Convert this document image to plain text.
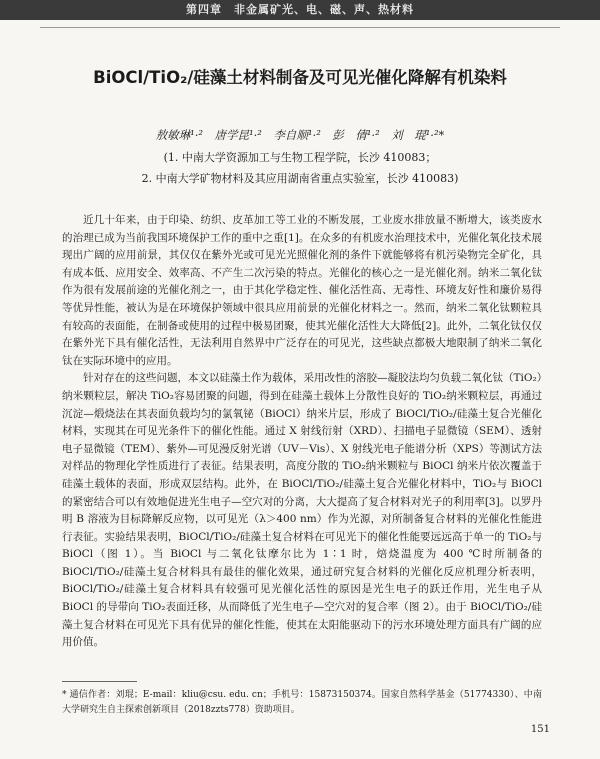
第四章　非金属矿光、电、磁、声、热材料
BiOCl/TiO₂/硅藻土材料制备及可见光催化降解有机染料
敖敏琳¹·²　唐学昆¹·²　李自顺¹·²　彭　倩¹·²　刘　琨¹·²*
(1. 中南大学资源加工与生物工程学院，长沙 410083；
2. 中南大学矿物材料及其应用湖南省重点实验室，长沙 410083)

近几十年来，由于印染、纺织、皮革加工等工业的不断发展，工业废水排放量不断增大，该类废水的治理已成为当前我国环境保护工作的重中之重[1]。在众多的有机废水治理技术中，光催化氧化技术展现出广阔的应用前景，其仅仅在紫外光或可见光光照催化剂的条件下就能够将有机污染物完全矿化，具有成本低、应用安全、效率高、不产生二次污染的特点。光催化的核心之一是光催化剂。纳米二氧化钛作为很有发展前途的光催化剂之一，由于其化学稳定性、催化活性高、无毒性、环境友好性和廉价易得等优异性能，被认为是在环境保护领域中很具应用前景的光催化材料之一。然而，纳米二氧化钛颗粒具有较高的表面能，在制备或使用的过程中极易团聚，使其光催化活性大大降低[2]。此外，二氧化钛仅仅在紫外光下具有催化活性，无法利用自然界中广泛存在的可见光，这些缺点都极大地限制了纳米二氧化钛在实际环境中的应用。

针对存在的这些问题，本文以硅藻土作为载体，采用改性的溶胶—凝胶法均匀负载二氧化钛（TiO₂）纳米颗粒层，解决 TiO₂容易团聚的问题，得到在硅藻土载体上分散性良好的 TiO₂纳米颗粒层，再通过沉淀—煅烧法在其表面负载均匀的氯氧铋（BiOCl）纳米片层，形成了 BiOCl/TiO₂/硅藻土复合光催化材料，实现其在可见光条件下的催化性能。通过 X 射线衍射（XRD）、扫描电子显微镜（SEM）、透射电子显微镜（TEM）、紫外—可见漫反射光谱（UV－Vis）、X 射线光电子能谱分析（XPS）等测试方法对样品的物理化学性质进行了表征。结果表明，高度分散的 TiO₂纳米颗粒与 BiOCl 纳米片依次覆盖于硅藻土载体的表面，形成双层结构。此外，在 BiOCl/TiO₂/硅藻土复合光催化材料中，TiO₂与 BiOCl 的紧密结合可以有效地促进光生电子—空穴对的分离，大大提高了复合材料对光子的利用率[3]。以罗丹明 B 溶液为目标降解反应物，以可见光（λ＞400 nm）作为光源，对所制备复合材料的光催化性能进行表征。实验结果表明，BiOCl/TiO₂/硅藻土复合材料在可见光下的催化性能要远远高于单一的 TiO₂与 BiOCl（图 1）。当 BiOCl 与二氧化钛摩尔比为 1∶1 时，焙烧温度为 400 ℃时所制备的 BiOCl/TiO₂/硅藻土复合材料具有最佳的催化效果，通过研究复合材料的光催化反应机理分析表明，BiOCl/TiO₂/硅藻土复合材料具有较强可见光催化活性的原因是光生电子的跃迁作用，光生电子从 BiOCl 的导带向 TiO₂表面迁移，从而降低了光生电子—空穴对的复合率（图 2）。由于 BiOCl/TiO₂/硅藻土复合材料在可见光下具有优异的催化性能，使其在太阳能驱动下的污水环境处理方面具有广阔的应用价值。

* 通信作者：刘琨；E-mail：kliu@csu. edu. cn；手机号：15873150374。国家自然科学基金（51774330）、中南大学研究生自主探索创新项目（2018zzts778）资助项目。
151
